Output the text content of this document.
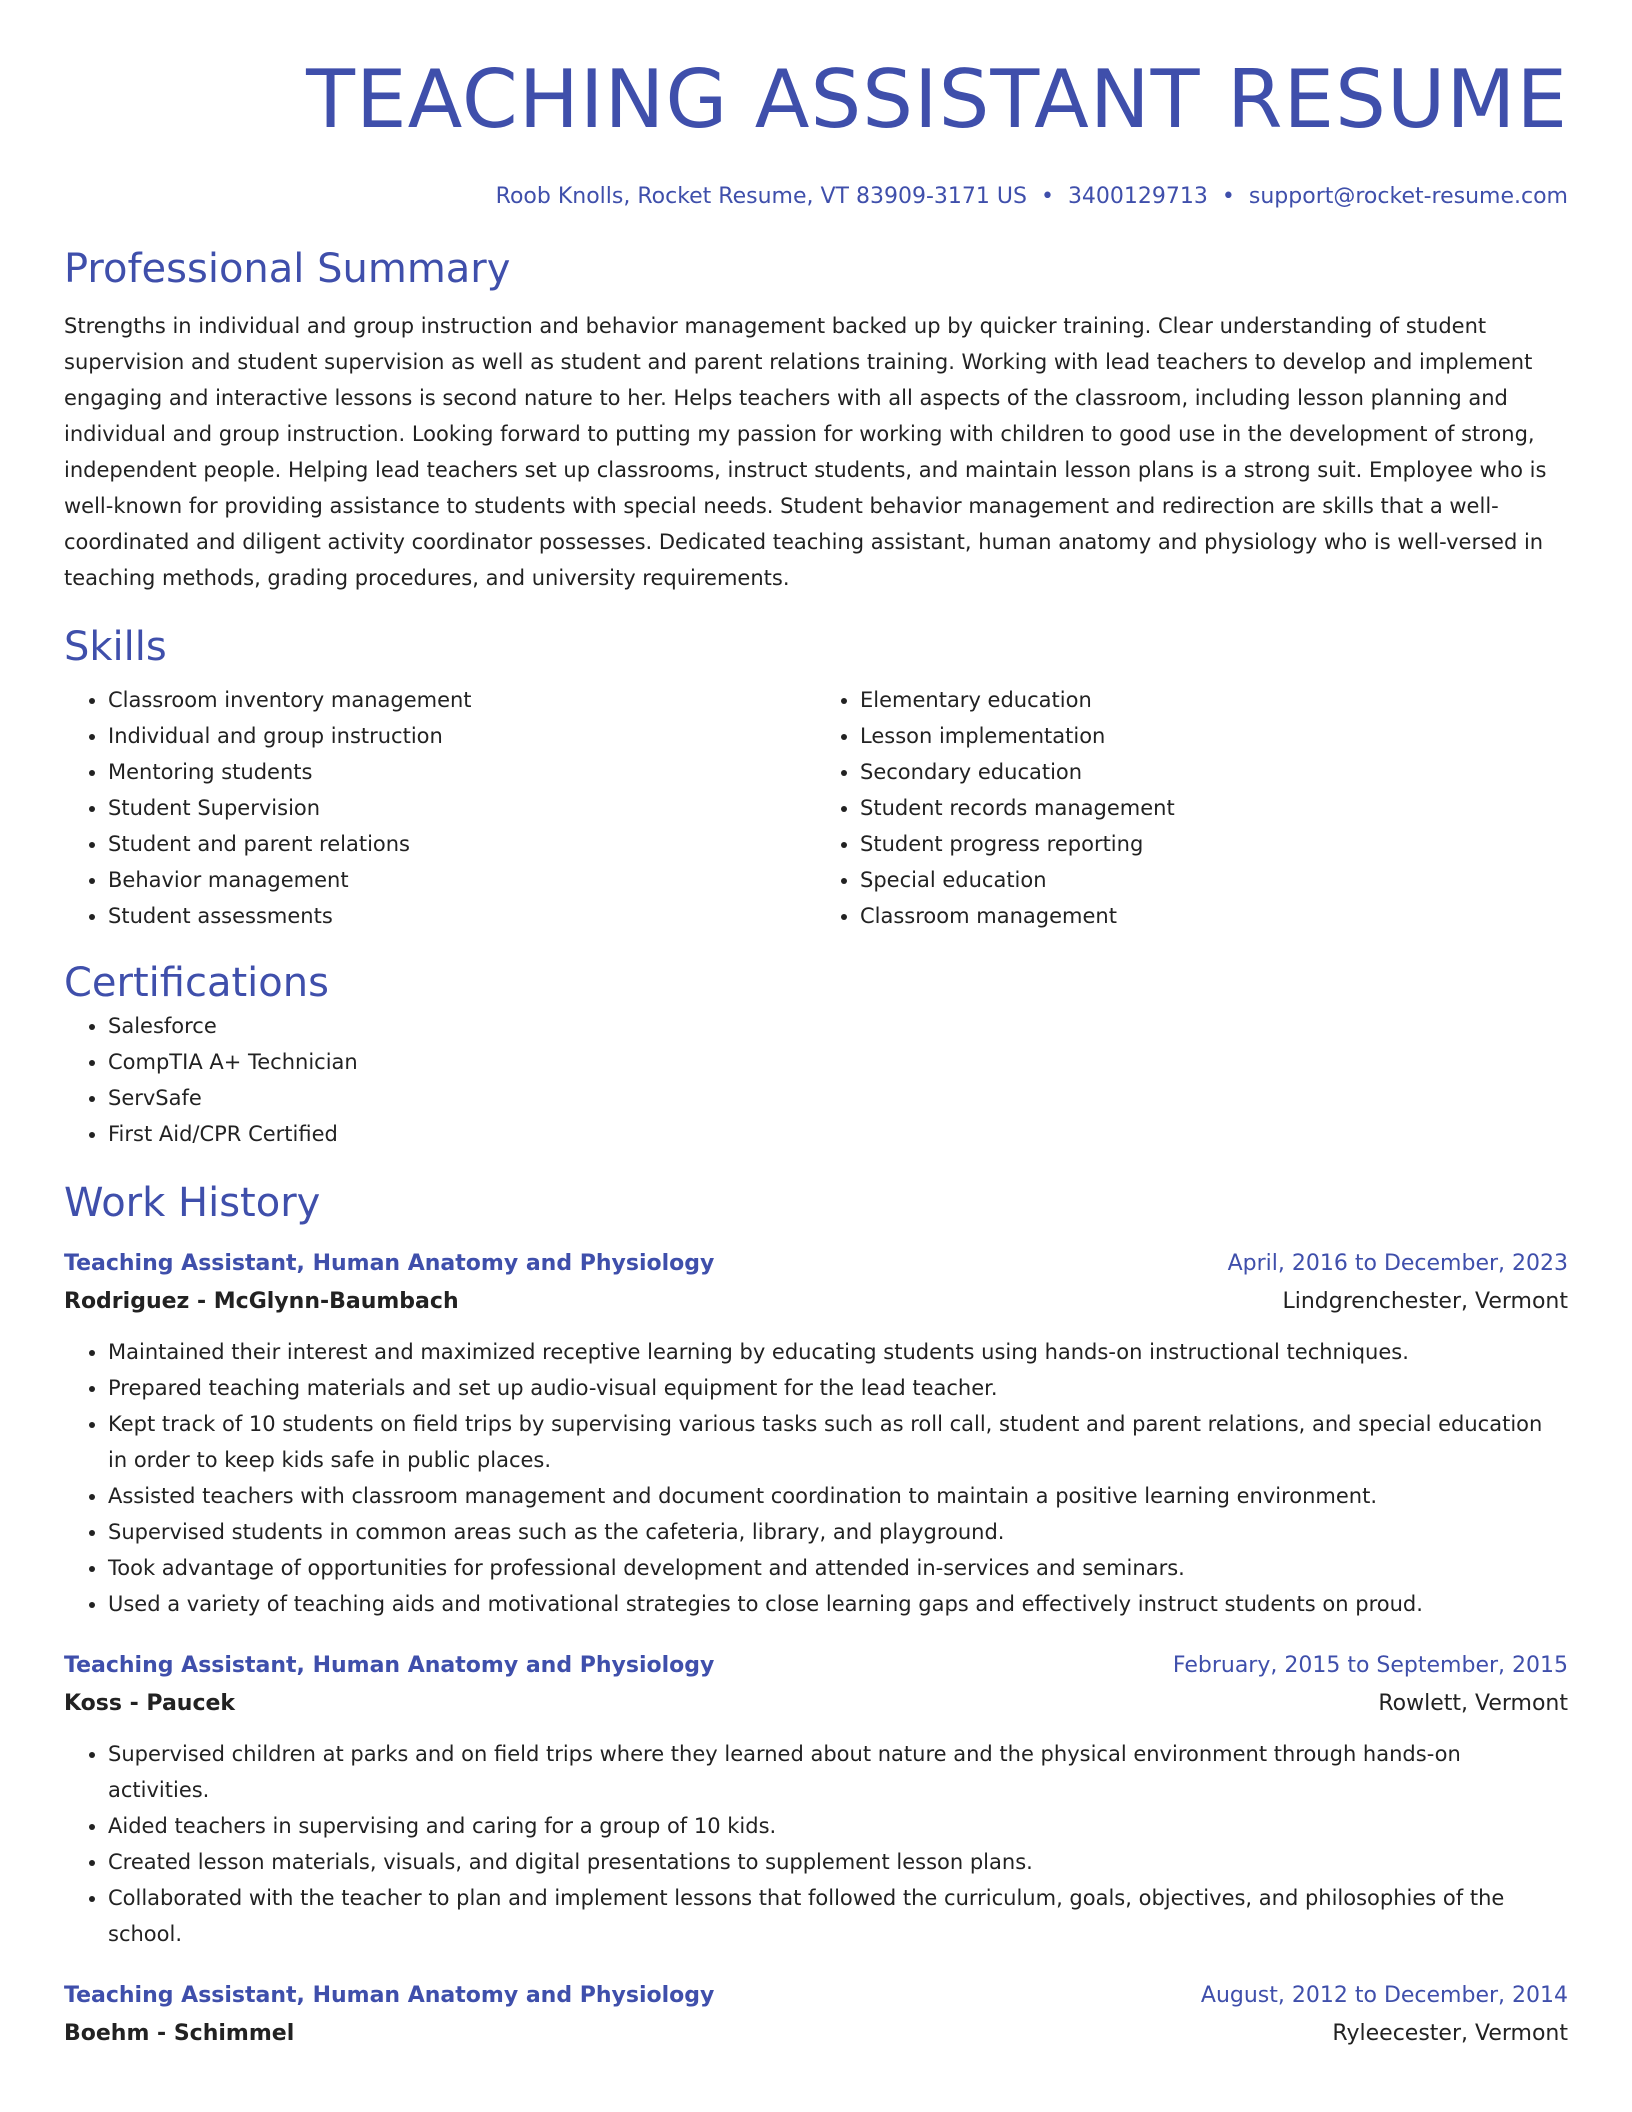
TEACHING ASSISTANT RESUME
Roob Knolls, Rocket Resume, VT 83909-3171 US • 3400129713 • support@rocket-resume.com
Professional Summary

Strengths in individual and group instruction and behavior management backed up by quicker training. Clear understanding of student supervision and student supervision as well as student and parent relations training. Working with lead teachers to develop and implement engaging and interactive lessons is second nature to her. Helps teachers with all aspects of the classroom, including lesson planning and individual and group instruction. Looking forward to putting my passion for working with children to good use in the development of strong, independent people. Helping lead teachers set up classrooms, instruct students, and maintain lesson plans is a strong suit. Employee who is well-known for providing assistance to students with special needs. Student behavior management and redirection are skills that a well-coordinated and diligent activity coordinator possesses. Dedicated teaching assistant, human anatomy and physiology who is well-versed in teaching methods, grading procedures, and university requirements.

Skills
• Classroom inventory management
• Individual and group instruction
• Mentoring students
• Student Supervision
• Student and parent relations
• Behavior management
• Student assessments
• Elementary education
• Lesson implementation
• Secondary education
• Student records management
• Student progress reporting
• Special education
• Classroom management
Certifications
• Salesforce
• CompTIA A+ Technician
• ServSafe
• First Aid/CPR Certified
Work History
Teaching Assistant, Human Anatomy and Physiology	April, 2016 to December, 2023
Rodriguez - McGlynn-Baumbach	Lindgrenchester, Vermont
• Maintained their interest and maximized receptive learning by educating students using hands-on instructional techniques.
• Prepared teaching materials and set up audio-visual equipment for the lead teacher.
• Kept track of 10 students on field trips by supervising various tasks such as roll call, student and parent relations, and special education in order to keep kids safe in public places.
• Assisted teachers with classroom management and document coordination to maintain a positive learning environment.
• Supervised students in common areas such as the cafeteria, library, and playground.
• Took advantage of opportunities for professional development and attended in-services and seminars.
• Used a variety of teaching aids and motivational strategies to close learning gaps and effectively instruct students on proud.
Teaching Assistant, Human Anatomy and Physiology	February, 2015 to September, 2015
Koss - Paucek	Rowlett, Vermont
• Supervised children at parks and on field trips where they learned about nature and the physical environment through hands-on activities.
• Aided teachers in supervising and caring for a group of 10 kids.
• Created lesson materials, visuals, and digital presentations to supplement lesson plans.
• Collaborated with the teacher to plan and implement lessons that followed the curriculum, goals, objectives, and philosophies of the school.
Teaching Assistant, Human Anatomy and Physiology	August, 2012 to December, 2014
Boehm - Schimmel	Ryleecester, Vermont
